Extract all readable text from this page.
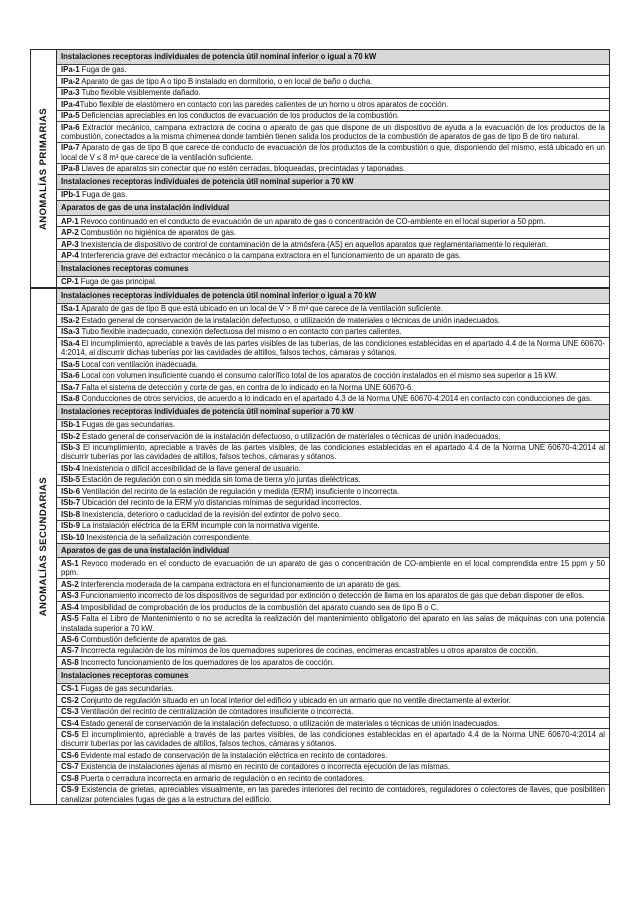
ANOMALÍAS PRIMARIAS
Instalaciones receptoras individuales de potencia útil nominal inferior o igual a 70 kW
IPa-1 Fuga de gas.
IPa-2 Aparato de gas de tipo A o tipo B instalado en dormitorio, o en local de baño o ducha.
IPa-3 Tubo flexible visiblemente dañado.
IPa-4Tubo flexible de elastómero en contacto con las paredes calientes de un horno u otros aparatos de cocción.
IPa-5 Deficiencias apreciables en los conductos de evacuación de los productos de la combustión.
IPa-6 Extractor mecánico, campana extractora de cocina o aparato de gas que dispone de un dispositivo de ayuda a la evacuación de los productos de la combustión, conectados a la misma chimenea donde también tienen salida los productos de la combustión de aparatos de gas de tipo B de tiro natural.
IPa-7 Aparato de gas de tipo B que carece de conducto de evacuación de los productos de la combustión o que, disponiendo del mismo, está ubicado en un local de V ≤ 8 m³ que carece de la ventilación suficiente.
IPa-8 Llaves de aparatos sin conectar que no estén cerradas, bloqueadas, precintadas y taponadas.
Instalaciones receptoras individuales de potencia útil nominal superior a 70 kW
IPb-1 Fuga de gas.
Aparatos de gas de una instalación individual
AP-1 Revoco continuado en el conducto de evacuación de un aparato de gas o concentración de CO-ambiente en el local superior a 50 ppm.
AP-2 Combustión no higiénica de aparatos de gas.
AP-3 Inexistencia de dispositivo de control de contaminación de la atmósfera (AS) en aquellos aparatos que reglamentariamente lo requieran.
AP-4 Interferencia grave del extractor mecánico o la campana extractora en el funcionamiento de un aparato de gas.
Instalaciones receptoras comunes
CP-1 Fuga de gas principal.
ANOMALÍAS SECUNDARIAS
Instalaciones receptoras individuales de potencia útil nominal inferior o igual a 70 kW
ISa-1 Aparato de gas de tipo B que está ubicado en un local de V > 8 m³ que carece de la ventilación suficiente.
ISa-2 Estado general de conservación de la instalación defectuoso, o utilización de materiales o técnicas de unión inadecuados.
ISa-3 Tubo flexible inadecuado, conexión defectuosa del mismo o en contacto con partes calientes.
ISa-4 El incumplimiento, apreciable a través de las partes visibles de las tuberías, de las condiciones establecidas en el apartado 4.4 de la Norma UNE 60670-4:2014, al discurrir dichas tuberías por las cavidades de altillos, falsos techos, cámaras y sótanos.
ISa-5 Local con ventilación inadecuada.
ISa-6 Local con volumen insuficiente cuando el consumo calorífico total de los aparatos de cocción instalados en el mismo sea superior a 16 kW.
ISa-7 Falta el sistema de detección y corte de gas, en contra de lo indicado en la Norma UNE 60670-6.
ISa-8 Conducciones de otros servicios, de acuerdo a lo indicado en el apartado 4.3 de la Norma UNE 60670-4:2014 en contacto con conducciones de gas.
Instalaciones receptoras individuales de potencia útil nominal superior a 70 kW
ISb-1 Fugas de gas secundarias.
ISb-2 Estado general de conservación de la instalación defectuoso, o utilización de materiales o técnicas de unión inadecuados.
ISb-3 El incumplimiento, apreciable a través de las partes visibles, de las condiciones establecidas en el apartado 4.4 de la Norma UNE 60670-4:2014 al discurrir tuberías por las cavidades de altillos, falsos techos, cámaras y sótanos.
ISb-4 Inexistencia o difícil accesibilidad de la llave general de usuario.
ISb-5 Estación de regulación con o sin medida sin toma de tierra y/o juntas dieléctricas.
ISb-6 Ventilación del recinto de la estación de regulación y medida (ERM) insuficiente o incorrecta.
ISb-7 Ubicación del recinto de la ERM y/o distancias mínimas de seguridad incorrectos.
ISb-8 Inexistencia, deterioro o caducidad de la revisión del extintor de polvo seco.
ISb-9 La instalación eléctrica de la ERM incumple con la normativa vigente.
ISb-10 Inexistencia de la señalización correspondiente.
Aparatos de gas de una instalación individual
AS-1 Revoco moderado en el conducto de evacuación de un aparato de gas o concentración de CO-ambiente en el local comprendida entre 15 ppm y 50 ppm.
AS-2 Interferencia moderada de la campana extractora en el funcionamiento de un aparato de gas.
AS-3 Funcionamiento incorrecto de los dispositivos de seguridad por extinción o detección de llama en los aparatos de gas que deban disponer de ellos.
AS-4 Imposibilidad de comprobación de los productos de la combustión del aparato cuando sea de tipo B o C.
AS-5 Falta el Libro de Mantenimiento o no se acredita la realización del mantenimiento obligatorio del aparato en las salas de máquinas con una potencia instalada superior a 70 kW.
AS-6 Combustión deficiente de aparatos de gas.
AS-7 Incorrecta regulación de los mínimos de los quemadores superiores de cocinas, encimeras encastrables u otros aparatos de cocción.
AS-8 Incorrecto funcionamiento de los quemadores de los aparatos de cocción.
Instalaciones receptoras comunes
CS-1 Fugas de gas secundarias.
CS-2 Conjunto de regulación situado en un local interior del edificio y ubicado en un armario que no ventile directamente al exterior.
CS-3 Ventilación del recinto de centralización de contadores insuficiente o incorrecta.
CS-4 Estado general de conservación de la instalación defectuoso, o utilización de materiales o técnicas de unión inadecuados.
CS-5 El incumplimiento, apreciable a través de las partes visibles, de las condiciones establecidas en el apartado 4.4 de la Norma UNE 60670-4:2014 al discurrir tuberías por las cavidades de altillos, falsos techos, cámaras y sótanos.
CS-6 Evidente mal estado de conservación de la instalación eléctrica en recinto de contadores.
CS-7 Existencia de instalaciones ajenas al mismo en recinto de contadores o incorrecta ejecución de las mismas.
CS-8 Puerta o cerradura incorrecta en armario de regulación o en recinto de contadores.
CS-9 Existencia de grietas, apreciables visualmente, en las paredes interiores del recinto de contadores, reguladores o colectores de llaves, que posibiliten canalizar potenciales fugas de gas a la estructura del edificio.
